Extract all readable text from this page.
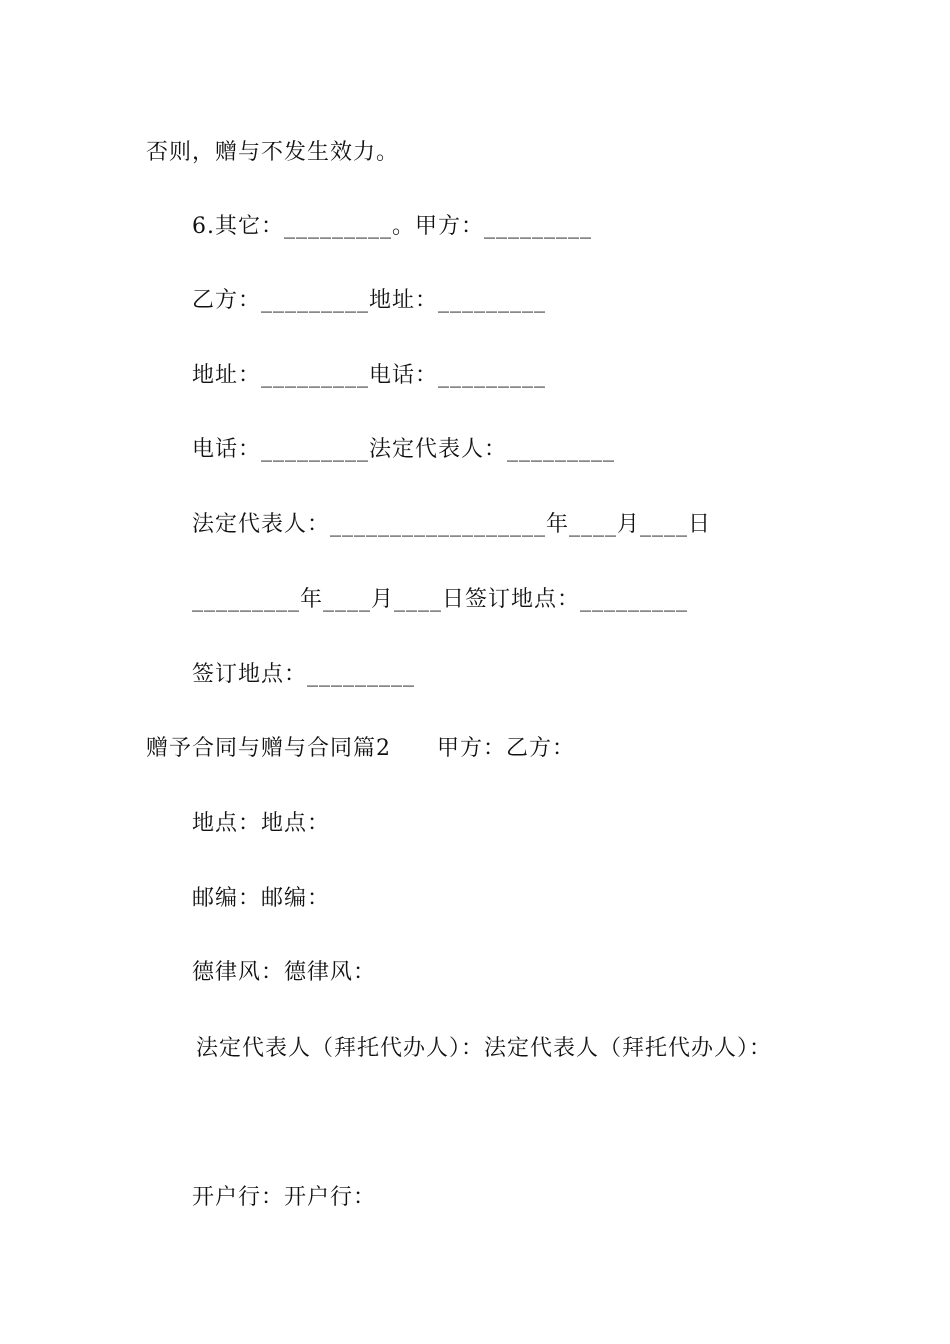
否则，赠与不发生效力。
6.其它：_________。甲方：_________
乙方：_________地址：_________
地址：_________电话：_________
电话：_________法定代表人：_________
法定代表人：__________________年____月____日
_________年____月____日签订地点：_________
签订地点：_________
赠予合同与赠与合同篇2　　甲方：乙方：
地点：地点：
邮编：邮编：
德律风：德律风：
法定代表人（拜托代办人）：法定代表人（拜托代办人）：
开户行：开户行：
